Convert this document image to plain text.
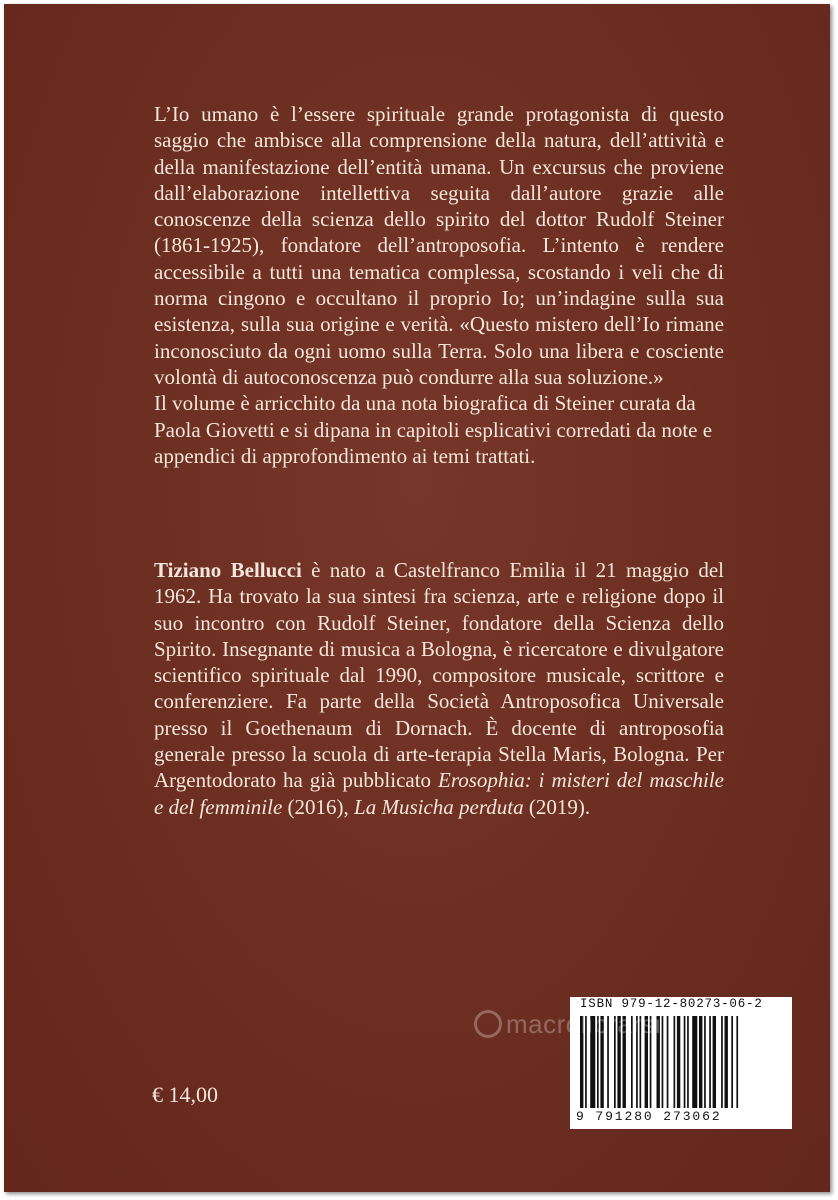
L’Io umano è l’essere spirituale grande protagonista di questo saggio che ambisce alla comprensione della natura, dell’attività e della manifestazione dell’entità umana. Un excursus che proviene dall’elaborazione intellettiva seguita dall’autore grazie alle conoscenze della scienza dello spirito del dottor Rudolf Steiner (1861-1925), fondatore dell’antroposofia. L’intento è rendere accessibile a tutti una tematica complessa, scostando i veli che di norma cingono e occultano il proprio Io; un’indagine sulla sua esistenza, sulla sua origine e verità. «Questo mistero dell’Io rimane inconosciuto da ogni uomo sulla Terra. Solo una libera e cosciente volontà di autoconoscenza può condurre alla sua soluzione.»

Il volume è arricchito da una nota biografica di Steiner curata da Paola Giovetti e si dipana in capitoli esplicativi corredati da note e appendici di approfondimento ai temi trattati.

Tiziano Bellucci è nato a Castelfranco Emilia il 21 maggio del 1962. Ha trovato la sua sintesi fra scienza, arte e religione dopo il suo incontro con Rudolf Steiner, fondatore della Scienza dello Spirito. Insegnante di musica a Bologna, è ricercatore e divulgatore scientifico spirituale dal 1990, compositore musicale, scrittore e conferenziere. Fa parte della Società Antroposofica Universale presso il Goethenaum di Dornach. È docente di antroposofia generale presso la scuola di arte-terapia Stella Maris, Bologna. Per Argentodorato ha già pubblicato Erosophia: i misteri del maschile e del femminile (2016), La Musicha perduta (2019).

ISBN 979-12-80273-06-2
9 791280 273062
macrolibrarsi
€ 14,00
